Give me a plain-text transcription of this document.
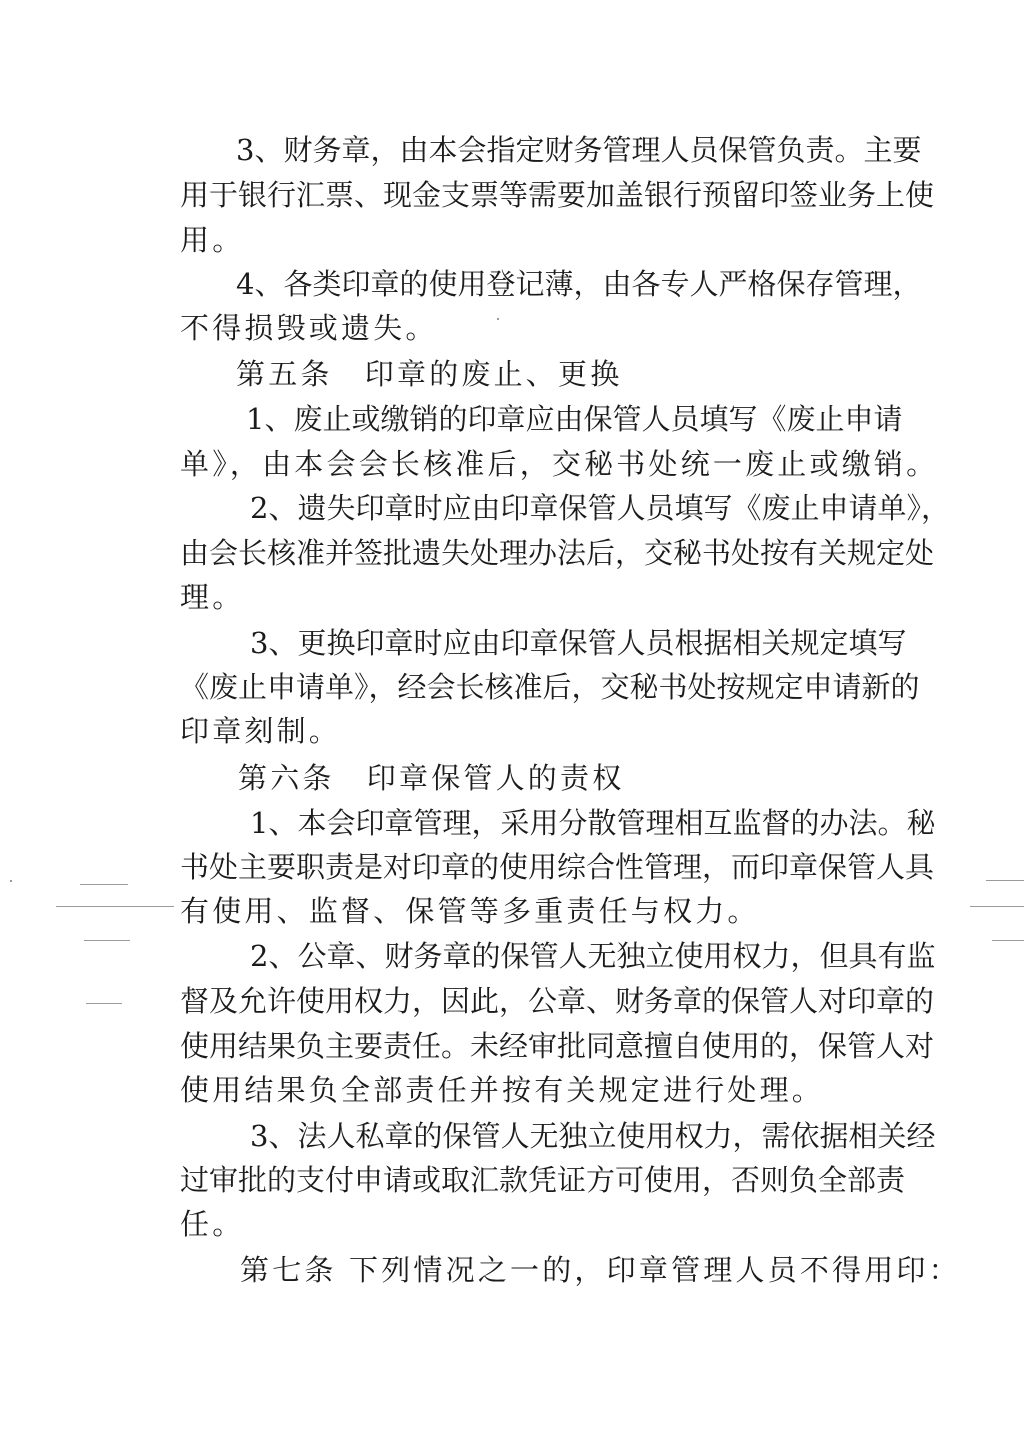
3、财务章，由本会指定财务管理人员保管负责。主要
用于银行汇票、现金支票等需要加盖银行预留印签业务上使
用。
4、各类印章的使用登记薄，由各专人严格保存管理，
不得损毁或遗失。
第五条　印章的废止、更换
1、废止或缴销的印章应由保管人员填写《废止申请
单》，由本会会长核准后，交秘书处统一废止或缴销。
2、遗失印章时应由印章保管人员填写《废止申请单》，
由会长核准并签批遗失处理办法后，交秘书处按有关规定处
理。
3、更换印章时应由印章保管人员根据相关规定填写
《废止申请单》，经会长核准后，交秘书处按规定申请新的
印章刻制。
第六条　印章保管人的责权
1、本会印章管理，采用分散管理相互监督的办法。秘
书处主要职责是对印章的使用综合性管理，而印章保管人具
有使用、监督、保管等多重责任与权力。
2、公章、财务章的保管人无独立使用权力，但具有监
督及允许使用权力，因此，公章、财务章的保管人对印章的
使用结果负主要责任。未经审批同意擅自使用的，保管人对
使用结果负全部责任并按有关规定进行处理。
3、法人私章的保管人无独立使用权力，需依据相关经
过审批的支付申请或取汇款凭证方可使用，否则负全部责
任。
第七条 下列情况之一的，印章管理人员不得用印：
